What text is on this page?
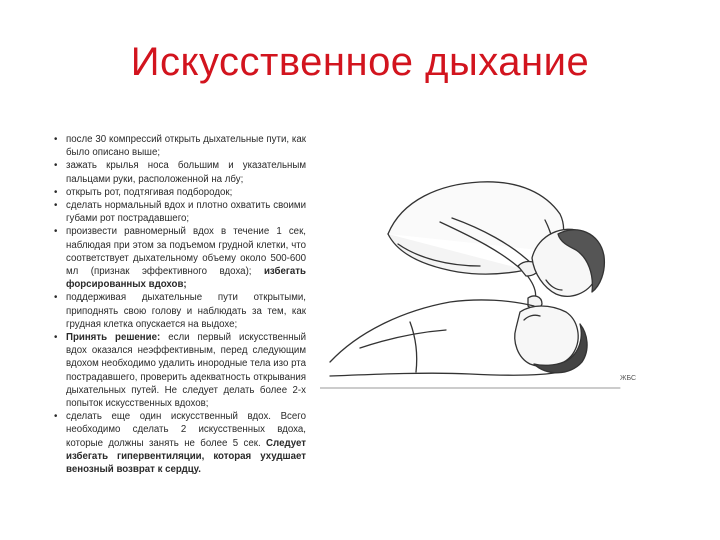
Искусственное дыхание
• после 30 компрессий открыть дыхательные пути, как было описано выше;
• зажать крылья носа большим и указательным пальцами руки, расположенной на лбу;
• открыть рот, подтягивая подбородок;
• сделать нормальный вдох и плотно охватить своими губами рот пострадавшего;
• произвести равномерный вдох в течение 1 сек, наблюдая при этом за подъемом грудной клетки, что соответствует дыхательному объему около 500-600 мл (признак эффективного вдоха); избегать форсированных вдохов;
• поддерживая дыхательные пути открытыми, приподнять свою голову и наблюдать за тем, как грудная клетка опускается на выдохе;
• Принять решение: если первый искусственный вдох оказался неэффективным, перед следующим вдохом необходимо удалить инородные тела изо рта пострадавшего, проверить адекватность открывания дыхательных путей. Не следует делать более 2-х попыток искусственных вдохов;
• сделать еще один искусственный вдох. Всего необходимо сделать 2 искусственных вдоха, которые должны занять не более 5 сек. Следует избегать гипервентиляции, которая ухудшает венозный возврат к сердцу.
ЖБС
